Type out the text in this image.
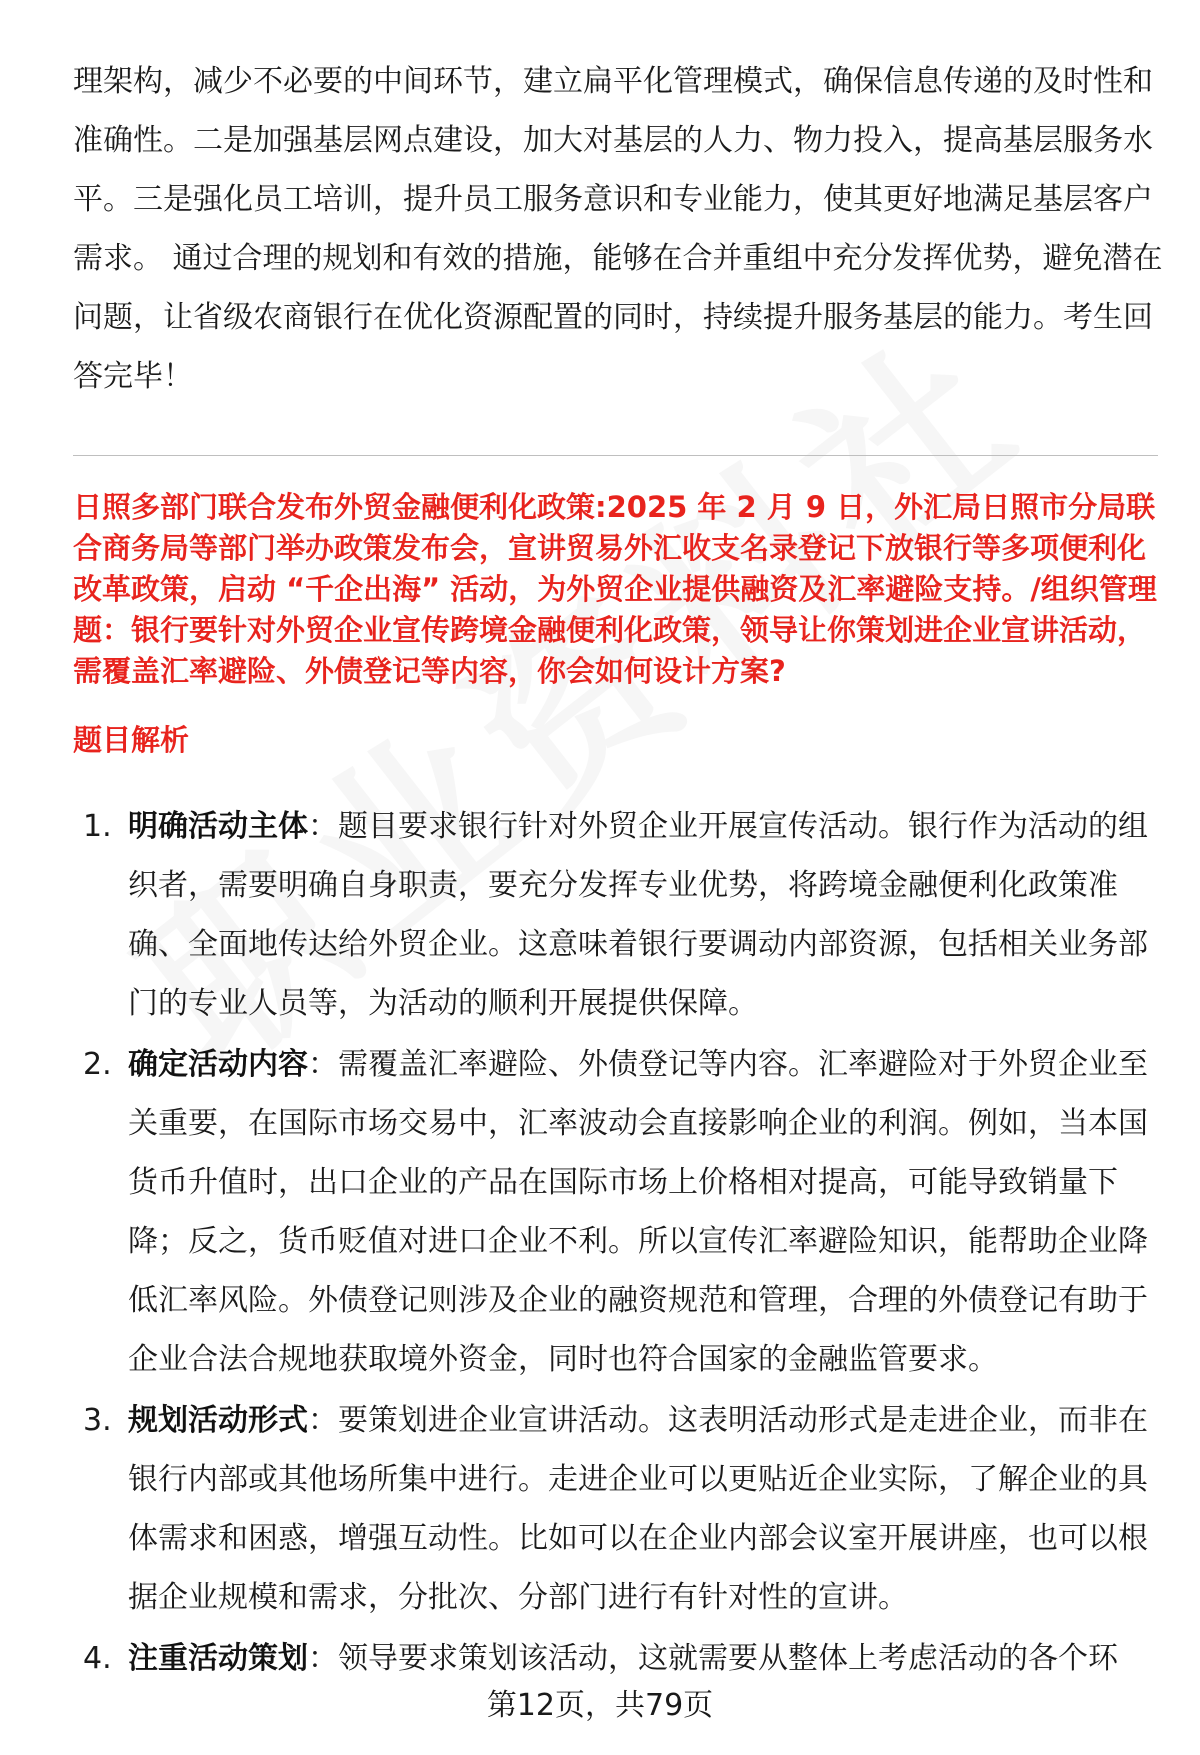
理架构，减少不必要的中间环节，建立扁平化管理模式，确保信息传递的及时性和准确性。二是加强基层网点建设，加大对基层的人力、物力投入，提高基层服务水平。三是强化员工培训，提升员工服务意识和专业能力，使其更好地满足基层客户需求。 通过合理的规划和有效的措施，能够在合并重组中充分发挥优势，避免潜在问题，让省级农商银行在优化资源配置的同时，持续提升服务基层的能力。考生回答完毕！

日照多部门联合发布外贸金融便利化政策:2025 年 2 月 9 日，外汇局日照市分局联合商务局等部门举办政策发布会，宣讲贸易外汇收支名录登记下放银行等多项便利化改革政策，启动 “千企出海” 活动，为外贸企业提供融资及汇率避险支持。/组织管理题：银行要针对外贸企业宣传跨境金融便利化政策，领导让你策划进企业宣讲活动，需覆盖汇率避险、外债登记等内容，你会如何设计方案?

题目解析
1. 明确活动主体：题目要求银行针对外贸企业开展宣传活动。银行作为活动的组织者，需要明确自身职责，要充分发挥专业优势，将跨境金融便利化政策准确、全面地传达给外贸企业。这意味着银行要调动内部资源，包括相关业务部门的专业人员等，为活动的顺利开展提供保障。
2. 确定活动内容：需覆盖汇率避险、外债登记等内容。汇率避险对于外贸企业至关重要，在国际市场交易中，汇率波动会直接影响企业的利润。例如，当本国货币升值时，出口企业的产品在国际市场上价格相对提高，可能导致销量下降；反之，货币贬值对进口企业不利。所以宣传汇率避险知识，能帮助企业降低汇率风险。外债登记则涉及企业的融资规范和管理，合理的外债登记有助于企业合法合规地获取境外资金，同时也符合国家的金融监管要求。
3. 规划活动形式：要策划进企业宣讲活动。这表明活动形式是走进企业，而非在银行内部或其他场所集中进行。走进企业可以更贴近企业实际，了解企业的具体需求和困惑，增强互动性。比如可以在企业内部会议室开展讲座，也可以根据企业规模和需求，分批次、分部门进行有针对性的宣讲。
4. 注重活动策划：领导要求策划该活动，这就需要从整体上考虑活动的各个环
第12页，共79页
